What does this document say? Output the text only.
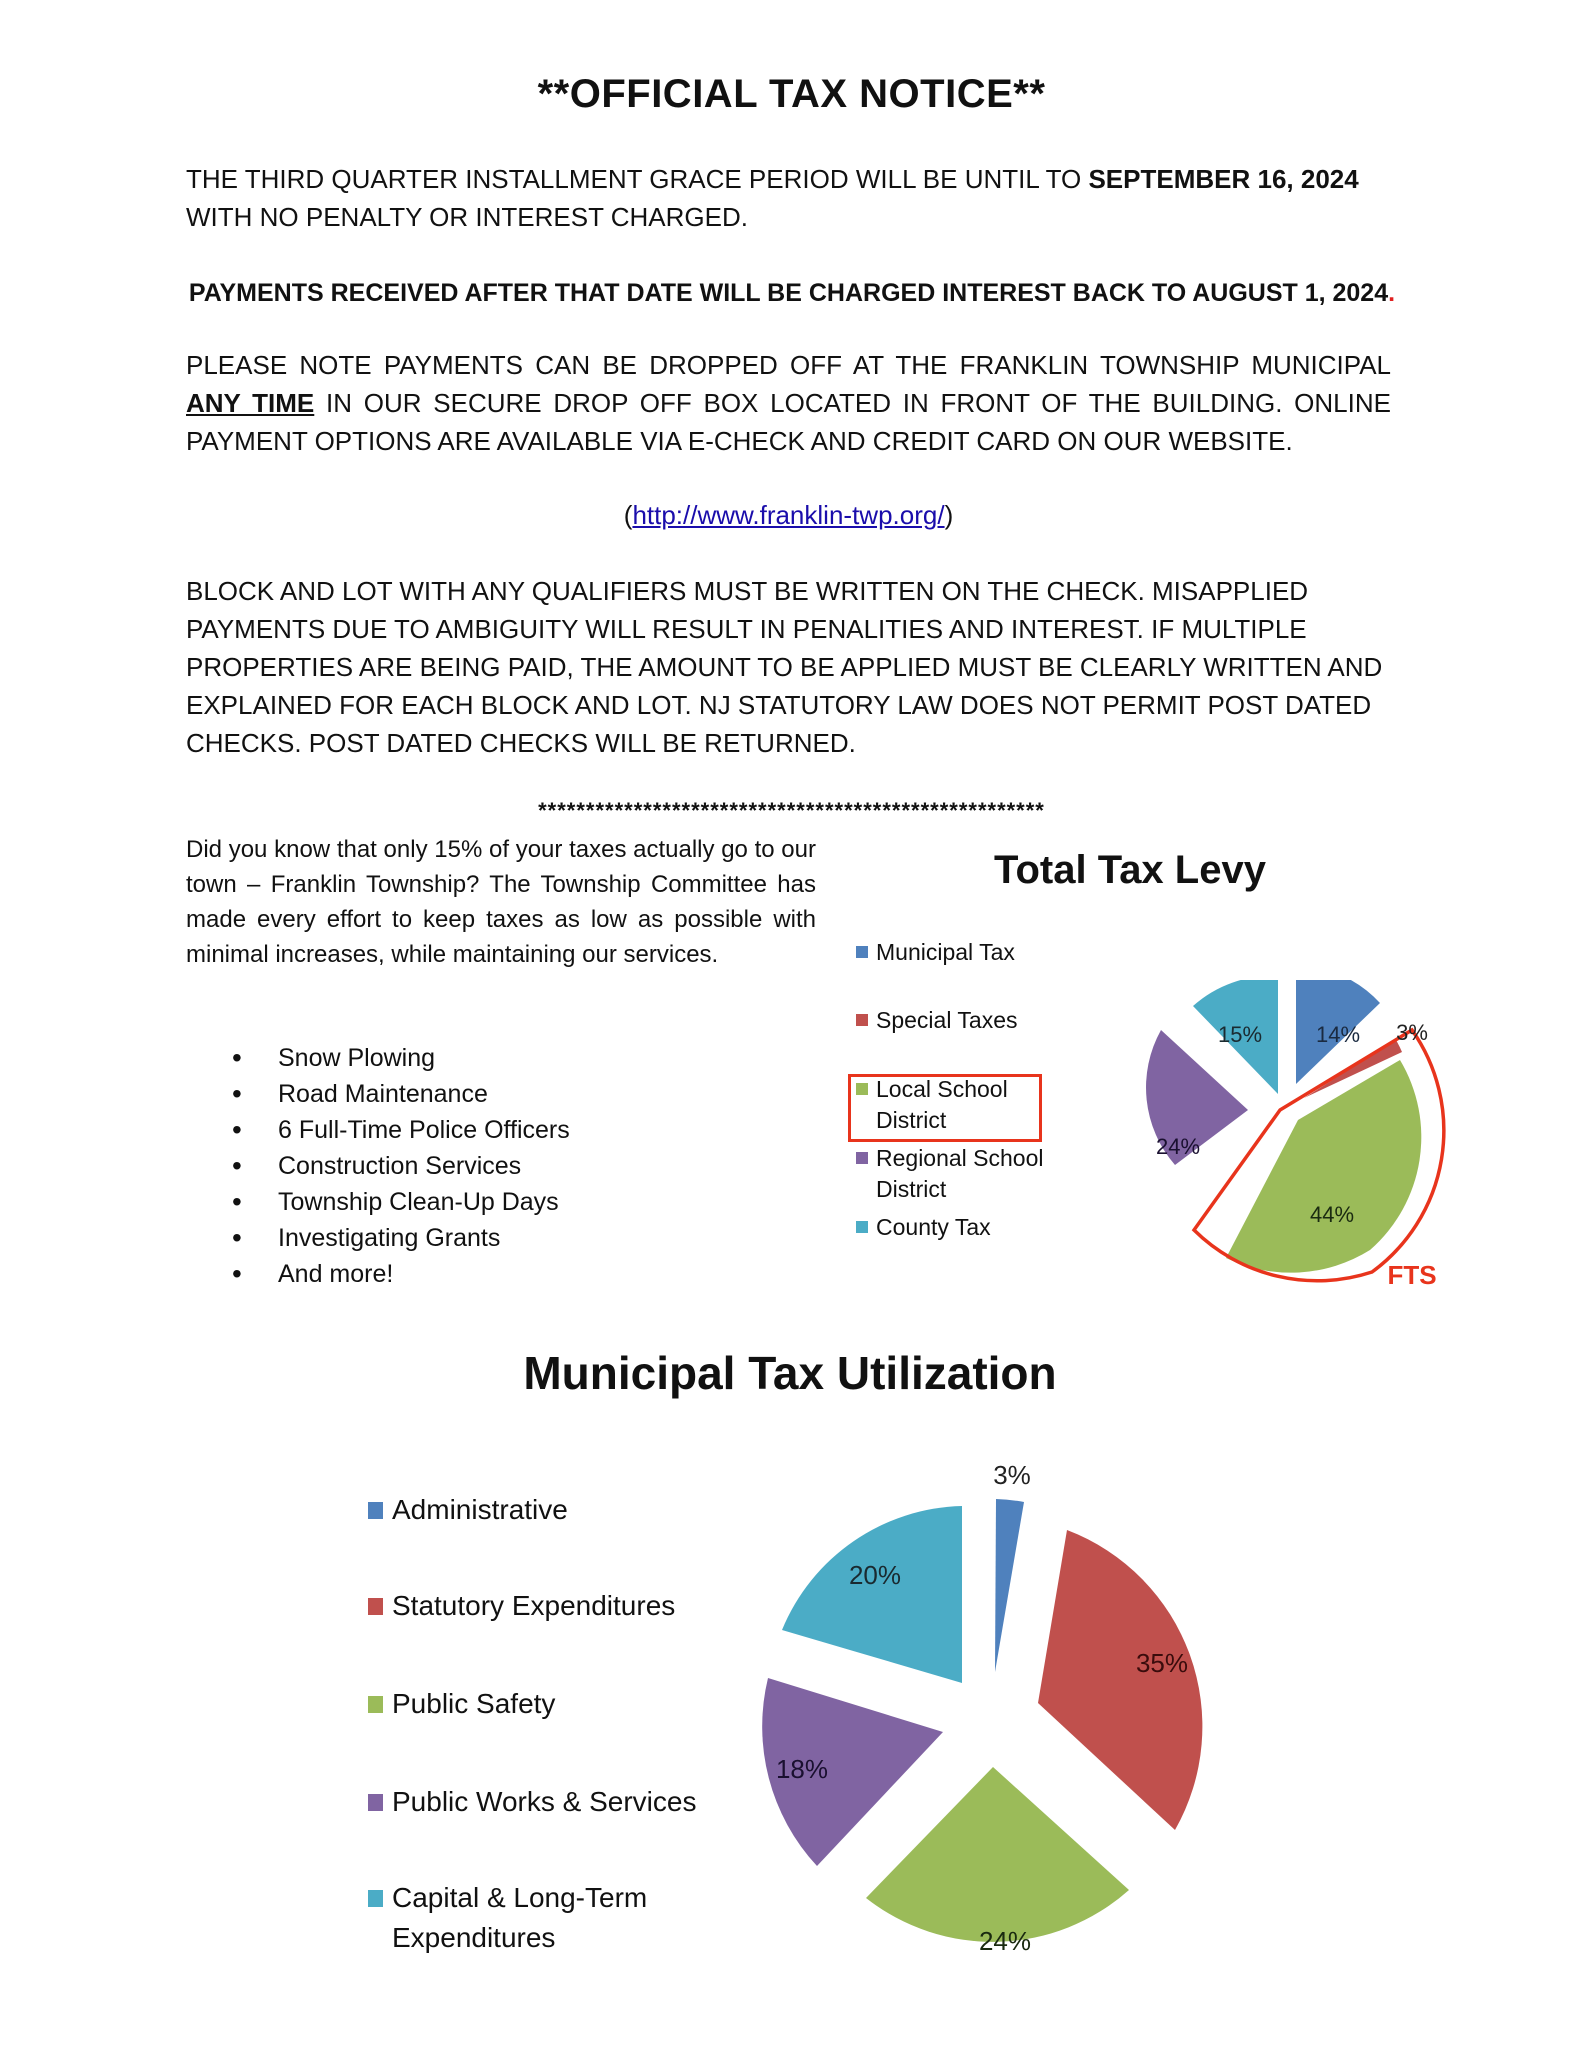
**OFFICIAL TAX NOTICE**
THE THIRD QUARTER INSTALLMENT GRACE PERIOD WILL BE UNTIL TO SEPTEMBER 16, 2024
WITH NO PENALTY OR INTEREST CHARGED.
PAYMENTS RECEIVED AFTER THAT DATE WILL BE CHARGED INTEREST BACK TO AUGUST 1, 2024.
PLEASE NOTE PAYMENTS CAN BE DROPPED OFF AT THE FRANKLIN TOWNSHIP MUNICIPAL ANY TIME IN OUR SECURE DROP OFF BOX LOCATED IN FRONT OF THE BUILDING. ONLINE PAYMENT OPTIONS ARE AVAILABLE VIA E-CHECK AND CREDIT CARD ON OUR WEBSITE.
(http://www.franklin-twp.org/)
BLOCK AND LOT WITH ANY QUALIFIERS MUST BE WRITTEN ON THE CHECK. MISAPPLIED PAYMENTS DUE TO AMBIGUITY WILL RESULT IN PENALITIES AND INTEREST. IF MULTIPLE PROPERTIES ARE BEING PAID, THE AMOUNT TO BE APPLIED MUST BE CLEARLY WRITTEN AND EXPLAINED FOR EACH BLOCK AND LOT. NJ STATUTORY LAW DOES NOT PERMIT POST DATED CHECKS. POST DATED CHECKS WILL BE RETURNED.
*****************************************************
Did you know that only 15% of your taxes actually go to our town – Franklin Township? The Township Committee has made every effort to keep taxes as low as possible with minimal increases, while maintaining our services.
• Snow Plowing
• Road Maintenance
• 6 Full-Time Police Officers
• Construction Services
• Township Clean-Up Days
• Investigating Grants
• And more!
Total Tax Levy
Municipal Tax
Special Taxes
Local School
District
Regional School
District
County Tax
14% 3%
44%
24%
15%
FTS
Municipal Tax Utilization
Administrative
Statutory Expenditures
Public Safety
Public Works & Services
Capital & Long-Term
Expenditures
3%
35%
24%
18%
20%
